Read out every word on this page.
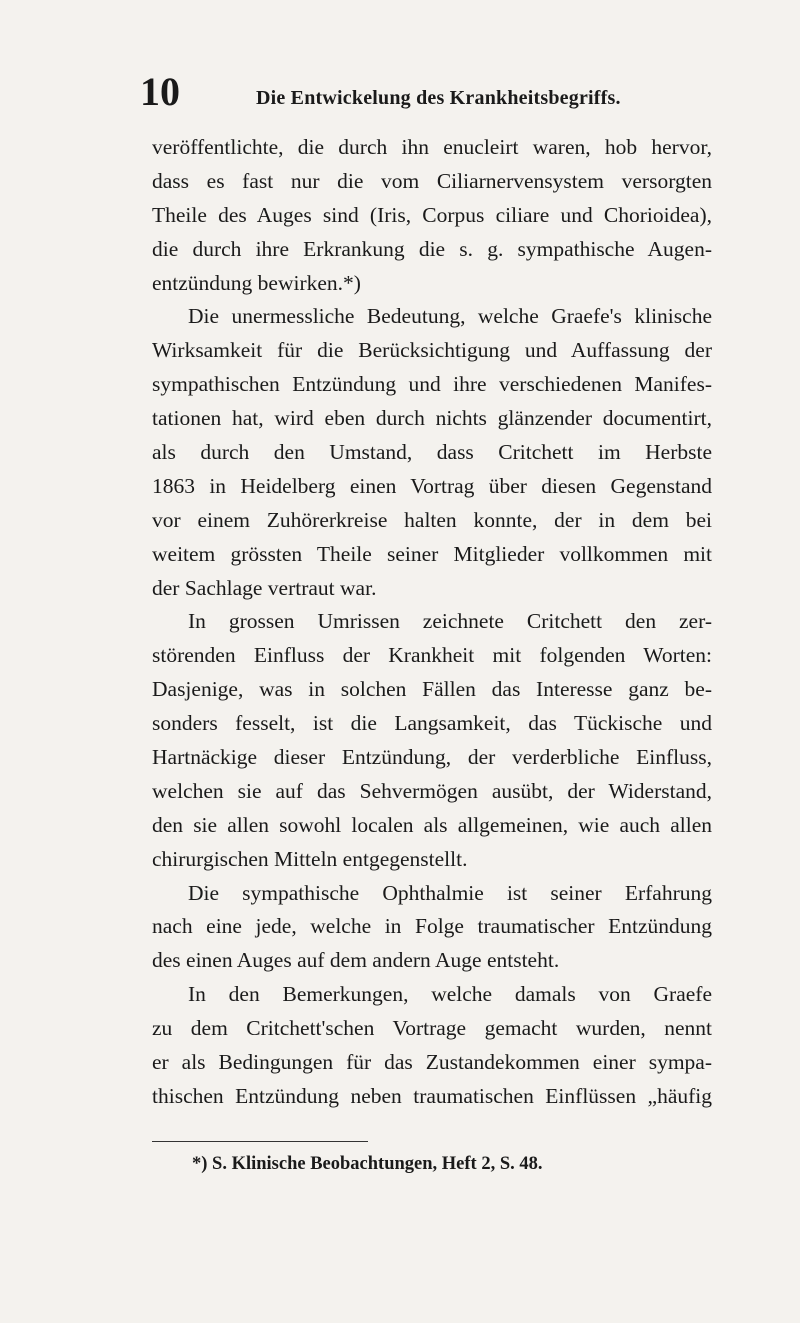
10	Die Entwickelung des Krankheitsbegriffs.
veröffentlichte, die durch ihn enucleirt waren, hob hervor,
dass es fast nur die vom Ciliarnervensystem versorgten
Theile des Auges sind (Iris, Corpus ciliare und Chorioidea),
die durch ihre Erkrankung die s. g. sympathische Augen-
entzündung bewirken.*)
Die unermessliche Bedeutung, welche Graefe's klinische
Wirksamkeit für die Berücksichtigung und Auffassung der
sympathischen Entzündung und ihre verschiedenen Manifes-
tationen hat, wird eben durch nichts glänzender documentirt,
als durch den Umstand, dass Critchett im Herbste
1863 in Heidelberg einen Vortrag über diesen Gegenstand
vor einem Zuhörerkreise halten konnte, der in dem bei
weitem grössten Theile seiner Mitglieder vollkommen mit
der Sachlage vertraut war.
In grossen Umrissen zeichnete Critchett den zer-
störenden Einfluss der Krankheit mit folgenden Worten:
Dasjenige, was in solchen Fällen das Interesse ganz be-
sonders fesselt, ist die Langsamkeit, das Tückische und
Hartnäckige dieser Entzündung, der verderbliche Einfluss,
welchen sie auf das Sehvermögen ausübt, der Widerstand,
den sie allen sowohl localen als allgemeinen, wie auch allen
chirurgischen Mitteln entgegenstellt.
Die sympathische Ophthalmie ist seiner Erfahrung
nach eine jede, welche in Folge traumatischer Entzündung
des einen Auges auf dem andern Auge entsteht.
In den Bemerkungen, welche damals von Graefe
zu dem Critchett'schen Vortrage gemacht wurden, nennt
er als Bedingungen für das Zustandekommen einer sympa-
thischen Entzündung neben traumatischen Einflüssen „häufig
*) S. Klinische Beobachtungen, Heft 2, S. 48.
